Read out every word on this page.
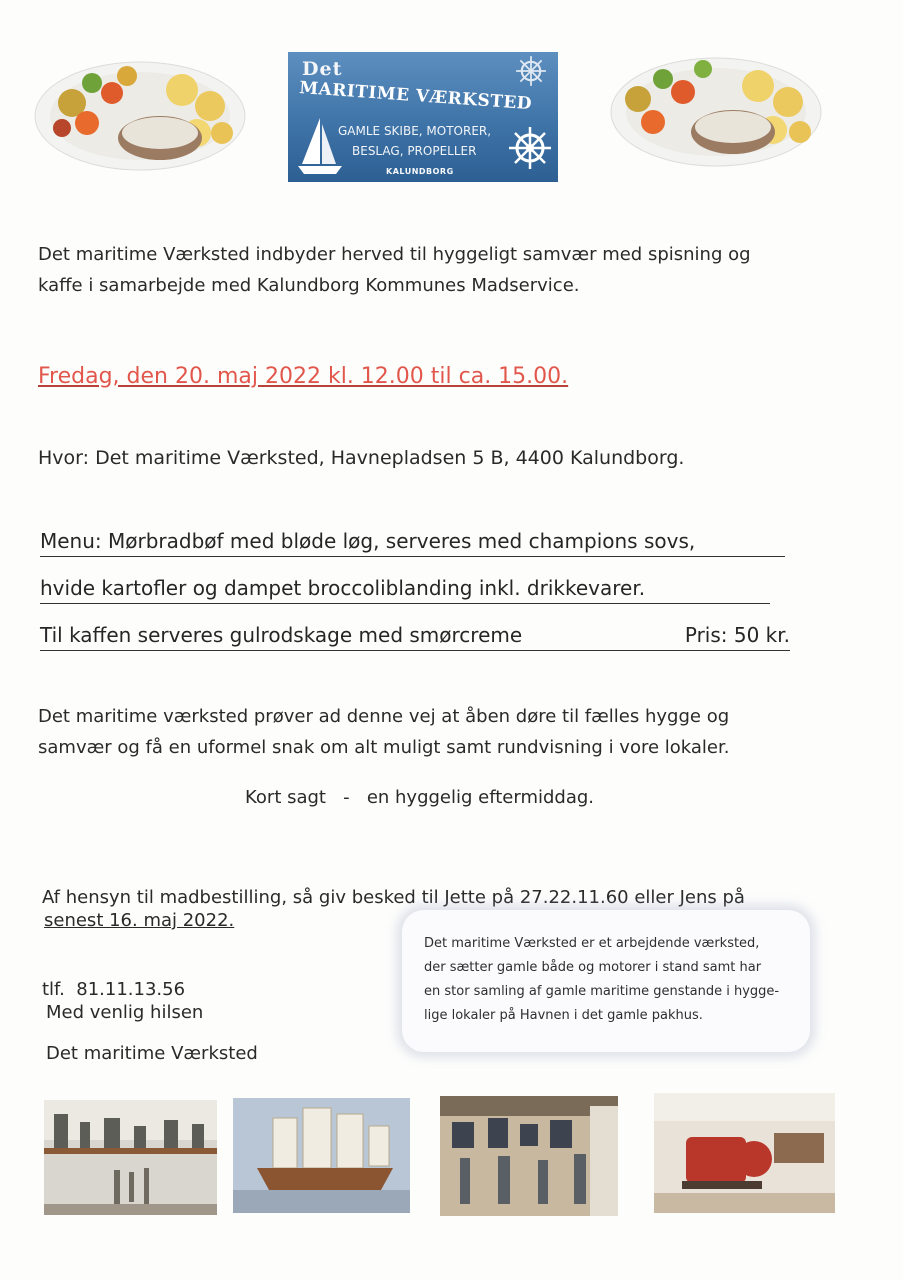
Det
MARITIME VÆRKSTED
GAMLE SKIBE, MOTORER,
BESLAG, PROPELLER
KALUNDBORG
Det maritime Værksted indbyder herved til hyggeligt samvær med spisning og
kaffe i samarbejde med Kalundborg Kommunes Madservice.
Fredag, den 20. maj 2022 kl. 12.00 til ca. 15.00.
Hvor: Det maritime Værksted, Havnepladsen 5 B, 4400 Kalundborg.
Menu: Mørbradbøf med bløde løg, serveres med champions sovs,
hvide kartofler og dampet broccoliblanding inkl. drikkevarer.
Til kaffen serveres gulrodskage med smørcreme	Pris: 50 kr.
Det maritime værksted prøver ad denne vej at åben døre til fælles hygge og
samvær og få en uformel snak om alt muligt samt rundvisning i vore lokaler.
Kort sagt   -   en hyggelig eftermiddag.

Af hensyn til madbestilling, så giv besked til Jette på 27.22.11.60 eller Jens på

tlf.  81.11.13.56

senest 16. maj 2022.
Med venlig hilsen
Det maritime Værksted
Det maritime Værksted er et arbejdende værksted,
der sætter gamle både og motorer i stand samt har
en stor samling af gamle maritime genstande i hygge-
lige lokaler på Havnen i det gamle pakhus.
